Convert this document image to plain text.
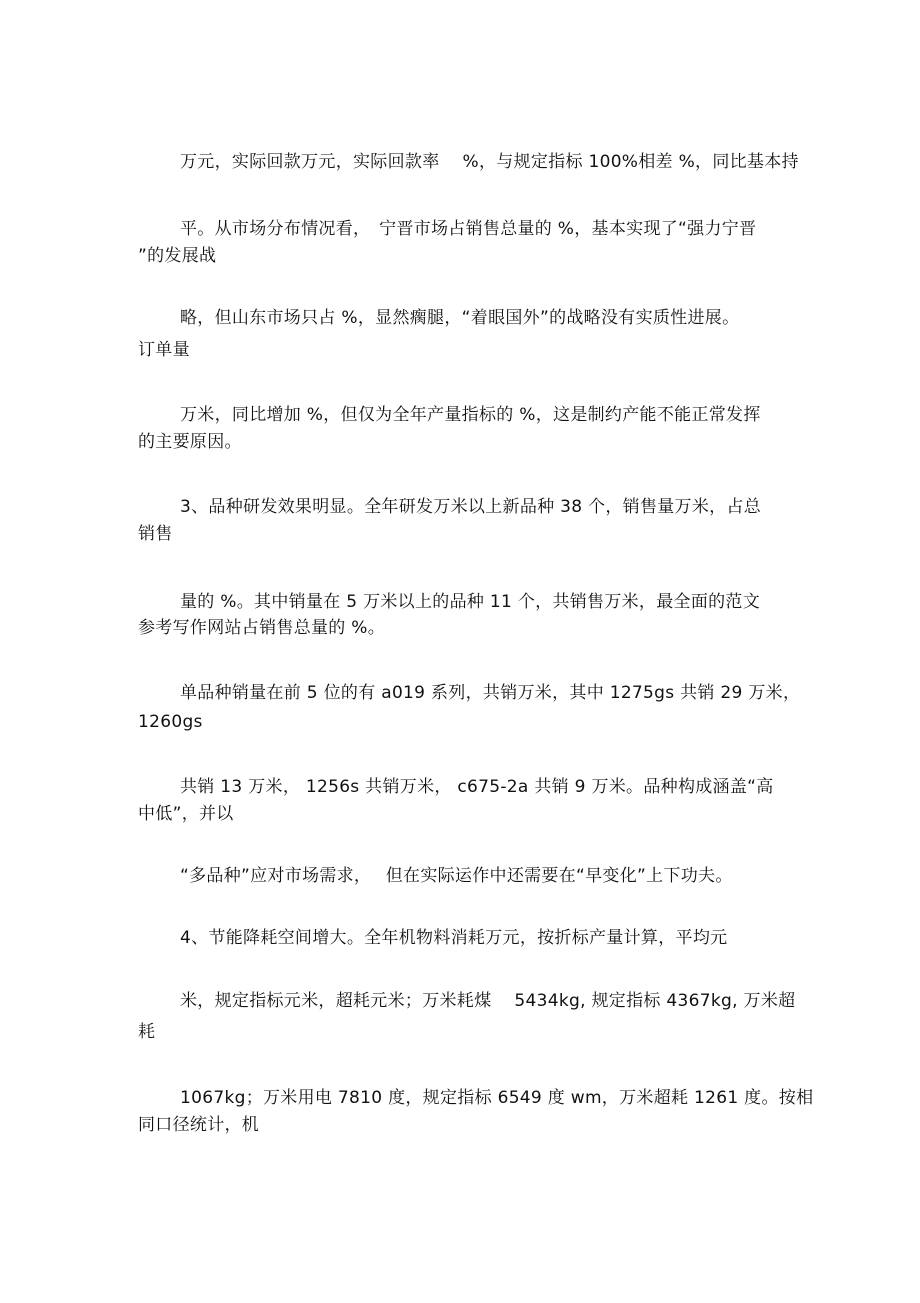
万元，实际回款万元，实际回款率　 %，与规定指标 100%相差 %，同比基本持
平。从市场分布情况看，　宁晋市场占销售总量的 %，基本实现了“强力宁晋
”的发展战
略，但山东市场只占 %，显然瘸腿，“着眼国外”的战略没有实质性进展。
订单量
万米，同比增加 %，但仅为全年产量指标的 %，这是制约产能不能正常发挥
的主要原因。
3、品种研发效果明显。全年研发万米以上新品种 38 个，销售量万米，占总
销售
量的 %。其中销量在 5 万米以上的品种 11 个，共销售万米，最全面的范文
参考写作网站占销售总量的 %。
单品种销量在前 5 位的有 a019 系列，共销万米，其中 1275gs 共销 29 万米，
1260gs
共销 13 万米， 1256s 共销万米， c675-2a 共销 9 万米。品种构成涵盖“高
中低”，并以
“多品种”应对市场需求，　 但在实际运作中还需要在“早变化”上下功夫。
4、节能降耗空间增大。全年机物料消耗万元，按折标产量计算，平均元
米，规定指标元米，超耗元米；万米耗煤　 5434kg, 规定指标 4367kg, 万米超
耗
1067kg；万米用电 7810 度，规定指标 6549 度 wm，万米超耗 1261 度。按相
同口径统计，机
